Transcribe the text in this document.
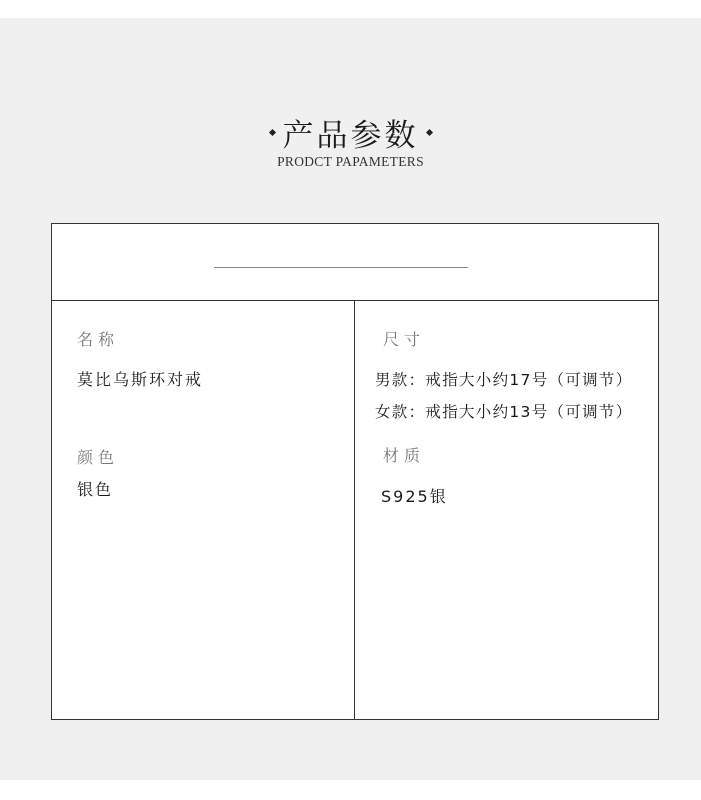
产品参数
PRODCT PAPAMETERS
名称
莫比乌斯环对戒
颜色
银色
尺寸
男款：戒指大小约17号（可调节）
女款：戒指大小约13号（可调节）
材质
S925银
